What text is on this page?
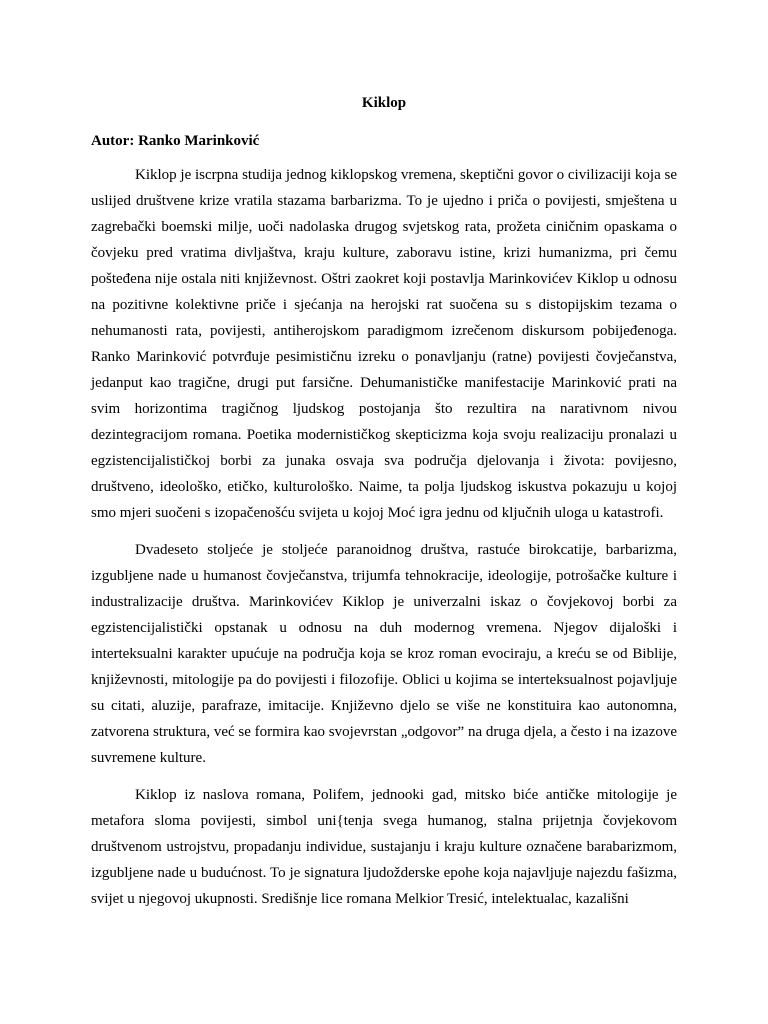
Kiklop
Autor: Ranko Marinković

Kiklop je iscrpna studija jednog kiklopskog vremena, skeptični govor o civilizaciji koja se uslijed društvene krize vratila stazama barbarizma. To je ujedno i priča o povijesti, smještena u zagrebački boemski milje, uoči nadolaska drugog svjetskog rata, prožeta ciničnim opaskama o čovjeku pred vratima divljaštva, kraju kulture, zaboravu istine, krizi humanizma, pri čemu pošteđena nije ostala niti književnost. Oštri zaokret koji postavlja Marinkovićev Kiklop u odnosu na pozitivne kolektivne priče i sjećanja na herojski rat suočena su s distopijskim tezama o nehumanosti rata, povijesti, antiherojskom paradigmom izrečenom diskursom pobijeđenoga. Ranko Marinković potvrđuje pesimističnu izreku o ponavljanju (ratne) povijesti čovječanstva, jedanput kao tragične, drugi put farsične. Dehumanističke manifestacije Marinković prati na svim horizontima tragičnog ljudskog postojanja što rezultira na narativnom nivou dezintegracijom romana. Poetika modernističkog skepticizma koja svoju realizaciju pronalazi u egzistencijalističkoj borbi za junaka osvaja sva područja djelovanja i života: povijesno, društveno, ideološko, etičko, kulturološko. Naime, ta polja ljudskog iskustva pokazuju u kojoj smo mjeri suočeni s izopačenošću svijeta u kojoj Moć igra jednu od ključnih uloga u katastrofi.

Dvadeseto stoljeće je stoljeće paranoidnog društva, rastuće birokcatije, barbarizma, izgubljene nade u humanost čovječanstva, trijumfa tehnokracije, ideologije, potrošačke kulture i industralizacije društva. Marinkovićev Kiklop je univerzalni iskaz o čovjekovoj borbi za egzistencijalistički opstanak u odnosu na duh modernog vremena. Njegov dijaloški i interteksualni karakter upućuje na područja koja se kroz roman evociraju, a kreću se od Biblije, književnosti, mitologije pa do povijesti i filozofije. Oblici u kojima se interteksualnost pojavljuje su citati, aluzije, parafraze, imitacije. Književno djelo se više ne konstituira kao autonomna, zatvorena struktura, već se formira kao svojevrstan „odgovor” na druga djela, a često i na izazove suvremene kulture.

Kiklop iz naslova romana, Polifem, jednooki gad, mitsko biće antičke mitologije je metafora sloma povijesti, simbol uni{tenja svega humanog, stalna prijetnja čovjekovom društvenom ustrojstvu, propadanju individue, sustajanju i kraju kulture označene barabarizmom, izgubljene nade u budućnost. To je signatura ljudožderske epohe koja najavljuje najezdu fašizma, svijet u njegovoj ukupnosti. Središnje lice romana Melkior Tresić, intelektualac, kazališni
